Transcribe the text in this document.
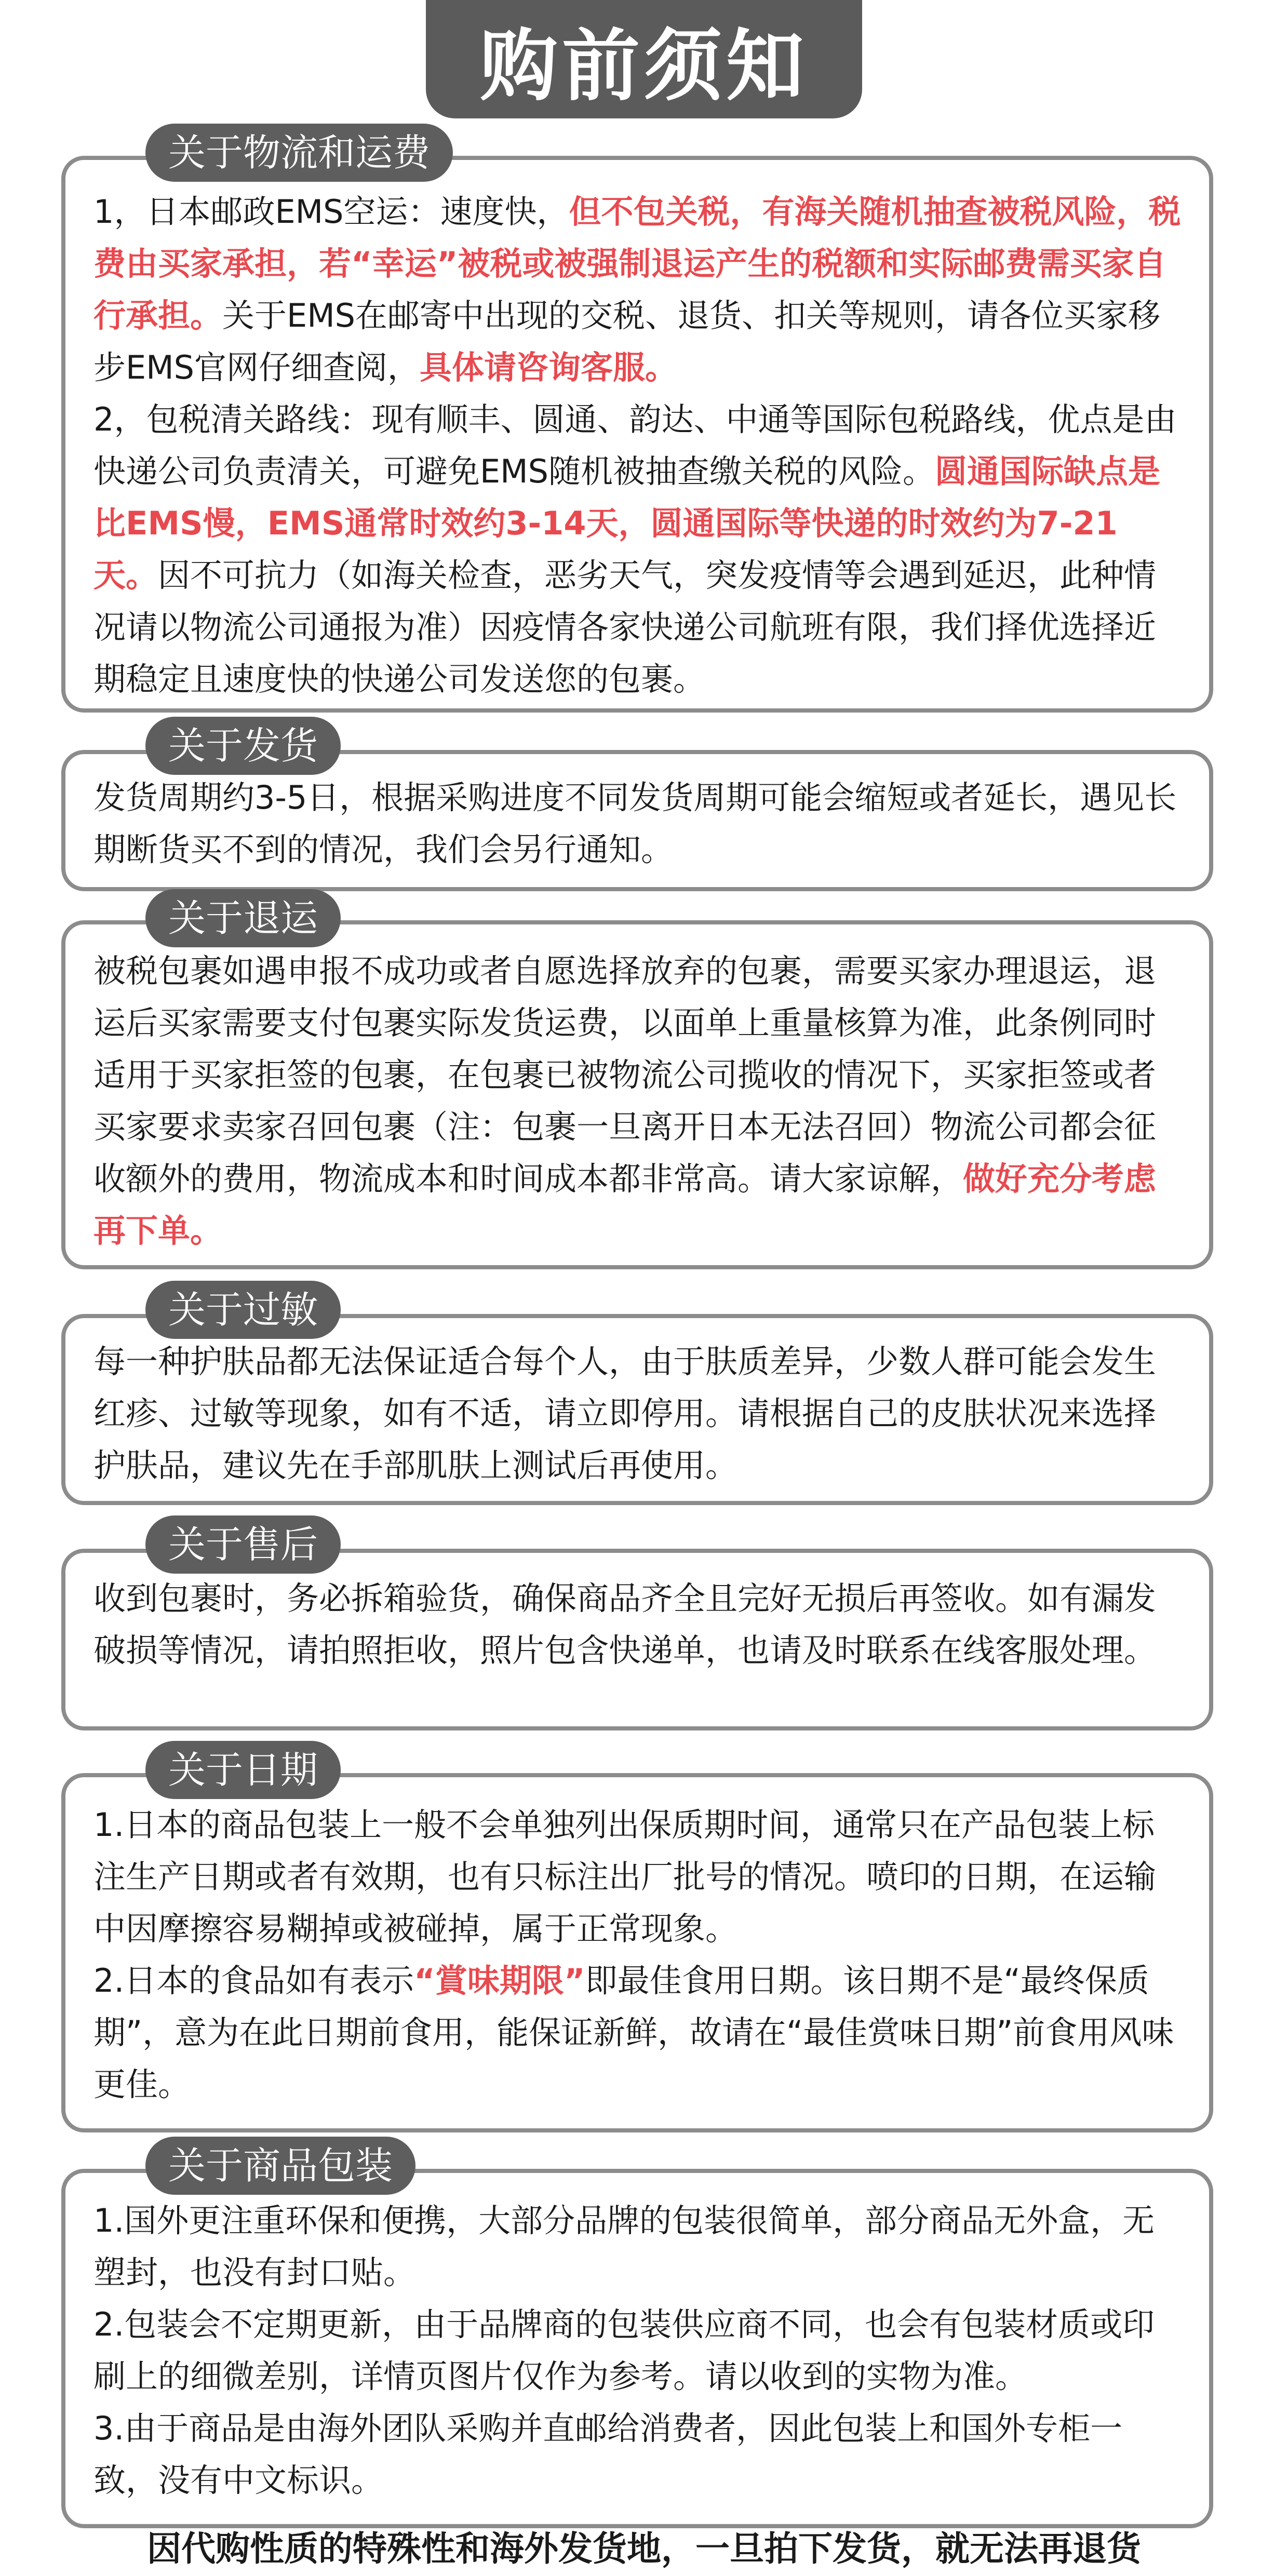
购前须知
关于物流和运费

1，日本邮政EMS空运：速度快，但不包关税，有海关随机抽查被税风险，税费由买家承担，若“幸运”被税或被强制退运产生的税额和实际邮费需买家自行承担。关于EMS在邮寄中出现的交税、退货、扣关等规则，请各位买家移步EMS官网仔细查阅，具体请咨询客服。

2，包税清关路线：现有顺丰、圆通、韵达、中通等国际包税路线，优点是由快递公司负责清关，可避免EMS随机被抽查缴关税的风险。圆通国际缺点是比EMS慢，EMS通常时效约3-14天，圆通国际等快递的时效约为7-21天。因不可抗力（如海关检查，恶劣天气，突发疫情等会遇到延迟，此种情况请以物流公司通报为准）因疫情各家快递公司航班有限，我们择优选择近期稳定且速度快的快递公司发送您的包裹。

关于发货

发货周期约3-5日，根据采购进度不同发货周期可能会缩短或者延长，遇见长期断货买不到的情况，我们会另行通知。

关于退运

被税包裹如遇申报不成功或者自愿选择放弃的包裹，需要买家办理退运，退运后买家需要支付包裹实际发货运费，以面单上重量核算为准，此条例同时适用于买家拒签的包裹，在包裹已被物流公司揽收的情况下，买家拒签或者买家要求卖家召回包裹（注：包裹一旦离开日本无法召回）物流公司都会征收额外的费用，物流成本和时间成本都非常高。请大家谅解，做好充分考虑再下单。

关于过敏

每一种护肤品都无法保证适合每个人，由于肤质差异，少数人群可能会发生红疹、过敏等现象，如有不适，请立即停用。请根据自己的皮肤状况来选择护肤品，建议先在手部肌肤上测试后再使用。

关于售后

收到包裹时，务必拆箱验货，确保商品齐全且完好无损后再签收。如有漏发破损等情况，请拍照拒收，照片包含快递单，也请及时联系在线客服处理。

关于日期

1.日本的商品包装上一般不会单独列出保质期时间，通常只在产品包装上标注生产日期或者有效期，也有只标注出厂批号的情况。喷印的日期，在运输中因摩擦容易糊掉或被碰掉，属于正常现象。

2.日本的食品如有表示“賞味期限”即最佳食用日期。该日期不是“最终保质期”，意为在此日期前食用，能保证新鲜，故请在“最佳赏味日期”前食用风味更佳。

关于商品包装

1.国外更注重环保和便携，大部分品牌的包装很简单，部分商品无外盒，无塑封，也没有封口贴。

2.包装会不定期更新，由于品牌商的包装供应商不同，也会有包装材质或印刷上的细微差别，详情页图片仅作为参考。请以收到的实物为准。

3.由于商品是由海外团队采购并直邮给消费者，因此包装上和国外专柜一致，没有中文标识。

因代购性质的特殊性和海外发货地，一旦拍下发货，就无法再退货
